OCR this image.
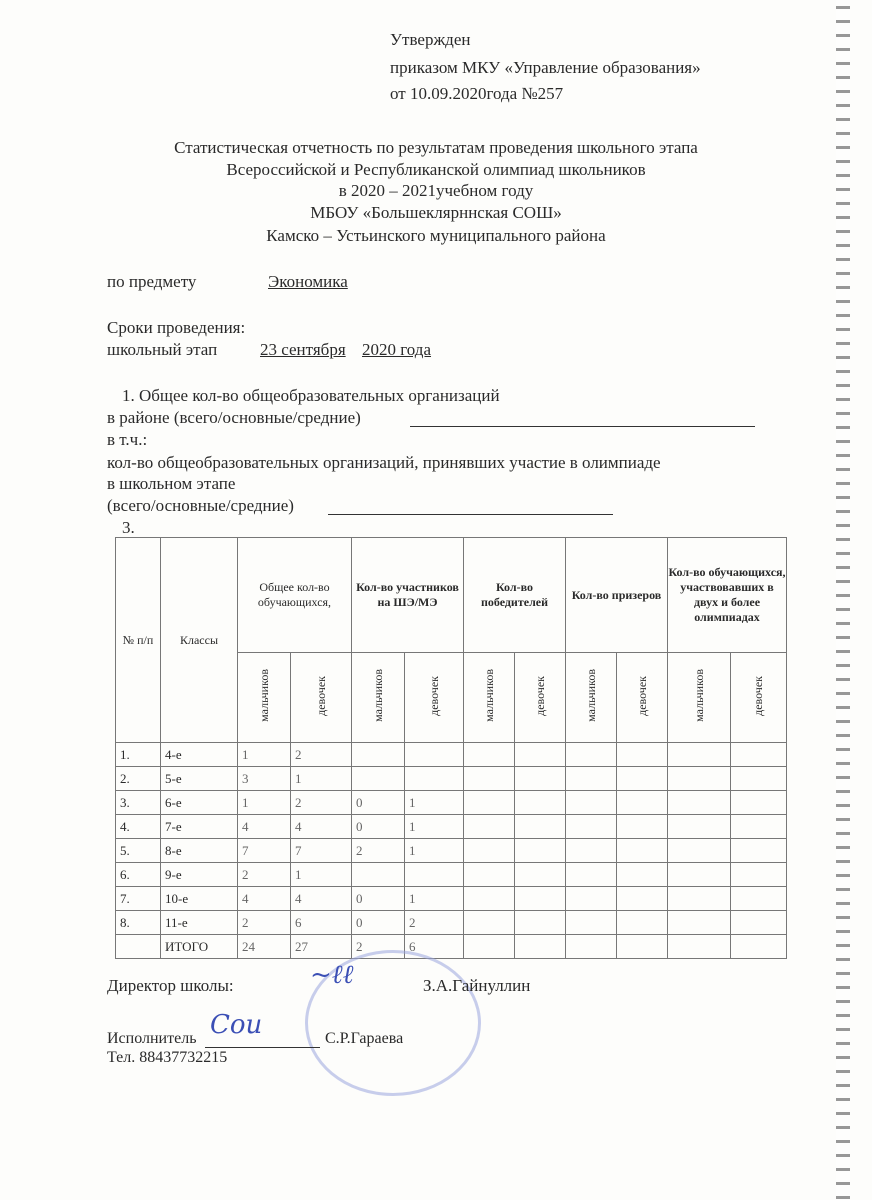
Утвержден
приказом МКУ «Управление образования»
от 10.09.2020года №257
Статистическая отчетность по результатам проведения школьного этапа
Всероссийской и Республиканской олимпиад школьников
в 2020 – 2021учебном году
МБОУ «Большеклярннская СОШ»
Камско – Устьинского муниципального района
по предмету	Экономика
Сроки проведения:
школьный этап	23 сентября 2020 года
1. Общее кол-во общеобразовательных организаций
в районе (всего/основные/средние)
в т.ч.:
кол-во общеобразовательных организаций, принявших участие в олимпиаде
в школьном этапе
(всего/основные/средние)
3.
№ п/п	Классы	Общее кол-во обучающихся,		Кол-во участников на ШЭ/МЭ		Кол-во победителей		Кол-во призеров		Кол-во обучающихся, участвовавших в двух и более олимпиадах	
		мальчиков	девочек	мальчиков	девочек	мальчиков	девочек	мальчиков	девочек	мальчиков	девочек
1.	4-е	1	2								
2.	5-е	3	1								
3.	6-е	1	2	0	1						
4.	7-е	4	4	0	1						
5.	8-е	7	7	2	1						
6.	9-е	2	1								
7.	10-е	4	4	0	1						
8.	11-е	2	6	0	2						
	ИТОГО	24	27	2	6						
~ℓℓ
Сои
Директор школы:	З.А.Гайнуллин
Исполнитель	С.Р.Гараева
Тел. 88437732215
